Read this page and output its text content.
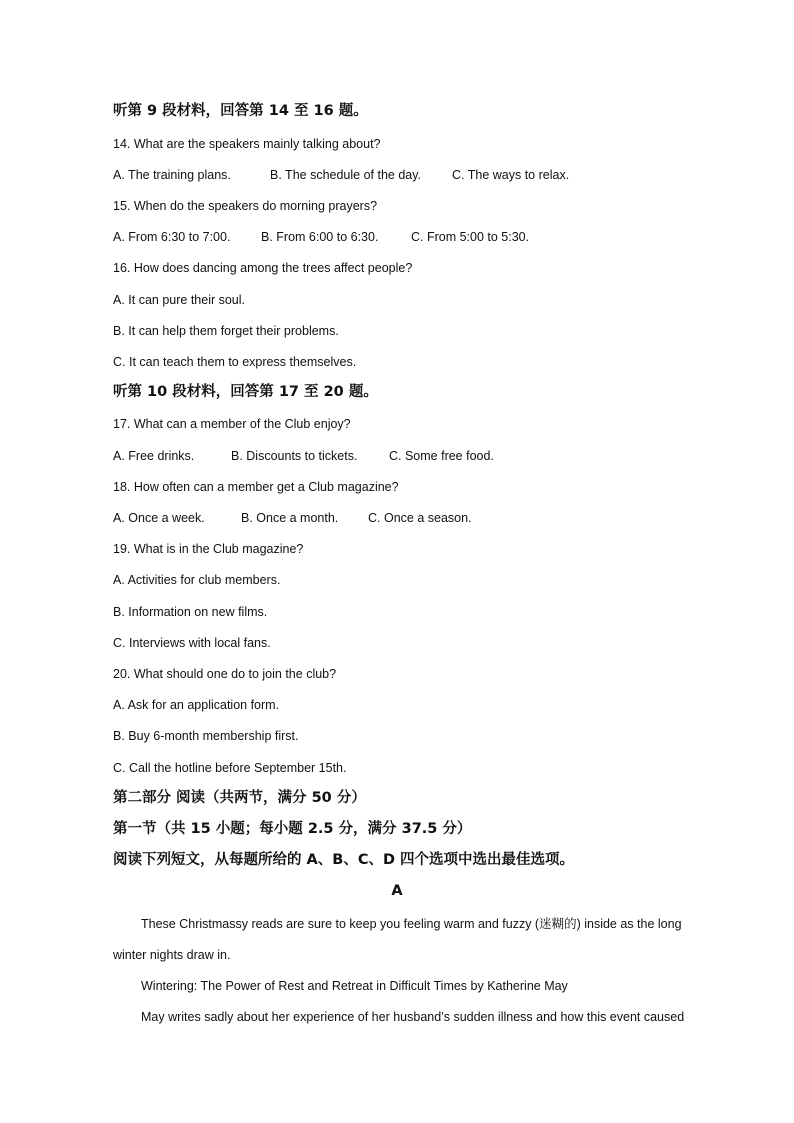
听第 9 段材料，回答第 14 至 16 题。
14. What are the speakers mainly talking about?
A. The training plans.	B. The schedule of the day. C. The ways to relax.
15. When do the speakers do morning prayers?
A. From 6:30 to 7:00. B. From 6:00 to 6:30.	C. From 5:00 to 5:30.
16. How does dancing among the trees affect people?
A. It can pure their soul.
B. It can help them forget their problems.
C. It can teach them to express themselves.
听第 10 段材料，回答第 17 至 20 题。
17. What can a member of the Club enjoy?
A. Free drinks.	B. Discounts to tickets.	C. Some free food.
18. How often can a member get a Club magazine?
A. Once a week.	B. Once a month. C. Once a season.
19. What is in the Club magazine?
A. Activities for club members.
B. Information on new films.
C. Interviews with local fans.
20. What should one do to join the club?
A. Ask for an application form.
B. Buy 6-month membership first.
C. Call the hotline before September 15th.
第二部分 阅读（共两节，满分 50 分）
第一节（共 15 小题；每小题 2.5 分，满分 37.5 分）
阅读下列短文，从每题所给的 A、B、C、D 四个选项中选出最佳选项。
A
These Christmassy reads are sure to keep you feeling warm and fuzzy (迷糊的) inside as the long
winter nights draw in.
Wintering: The Power of Rest and Retreat in Difficult Times by Katherine May
May writes sadly about her experience of her husband’s sudden illness and how this event caused
